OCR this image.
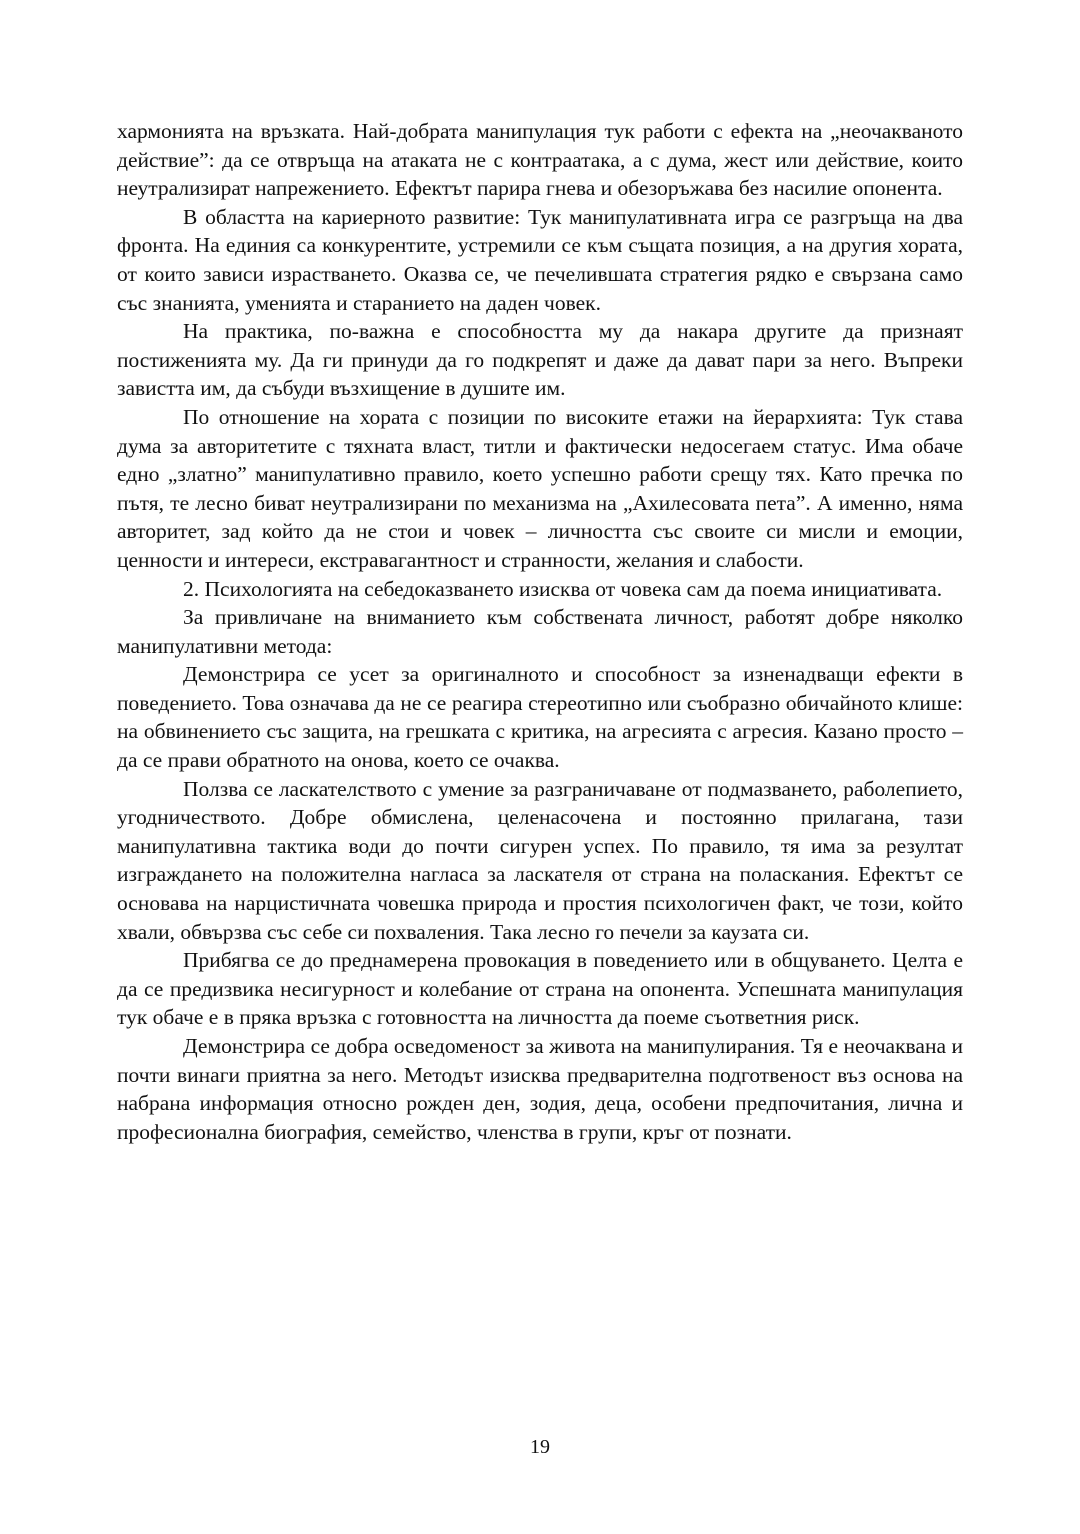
хармонията на връзката. Най-добрата манипулация тук работи с ефекта на „неочакваното действие”: да се отвръща на атаката не с контраатака, а с дума, жест или действие, които неутрализират напрежението. Ефектът парира гнева и обезоръжава без насилие опонента.

В областта на кариерното развитие: Тук манипулативната игра се разгръща на два фронта. На единия са конкурентите, устремили се към същата позиция, а на другия хората, от които зависи израстването. Оказва се, че печелившата стратегия рядко е свързана само със знанията, уменията и старанието на даден човек.

На практика, по-важна е способността му да накара другите да признаят постиженията му. Да ги принуди да го подкрепят и даже да дават пари за него. Въпреки завистта им, да събуди възхищение в душите им.

По отношение на хората с позиции по високите етажи на йерархията: Тук става дума за авторитетите с тяхната власт, титли и фактически недосегаем статус. Има обаче едно „златно” манипулативно правило, което успешно работи срещу тях. Като пречка по пътя, те лесно биват неутрализирани по механизма на „Ахилесовата пета”. А именно, няма авторитет, зад който да не стои и човек – личността със своите си мисли и емоции, ценности и интереси, екстравагантност и странности, желания и слабости.

2. Психологията на себедоказването изисква от човека сам да поема инициативата.

За привличане на вниманието към собствената личност, работят добре няколко манипулативни метода:

Демонстрира се усет за оригиналното и способност за изненадващи ефекти в поведението. Това означава да не се реагира стереотипно или съобразно обичайното клише: на обвинението със защита, на грешката с критика, на агресията с агресия. Казано просто – да се прави обратното на онова, което се очаква.

Ползва се ласкателството с умение за разграничаване от подмазването, раболепието, угодничеството. Добре обмислена, целенасочена и постоянно прилагана, тази манипулативна тактика води до почти сигурен успех. По правило, тя има за резултат изграждането на положителна нагласа за ласкателя от страна на поласкания. Ефектът се основава на нарцистичната човешка природа и простия психологичен факт, че този, който хвали, обвързва със себе си похваления. Така лесно го печели за каузата си.

Прибягва се до преднамерена провокация в поведението или в общуването. Целта е да се предизвика несигурност и колебание от страна на опонента. Успешната манипулация тук обаче е в пряка връзка с готовността на личността да поеме съответния риск.

Демонстрира се добра осведоменост за живота на манипулирания. Тя е неочаквана и почти винаги приятна за него. Методът изисква предварителна подготвеност въз основа на набрана информация относно рожден ден, зодия, деца, особени предпочитания, лична и професионална биография, семейство, членства в групи, кръг от познати.

19
